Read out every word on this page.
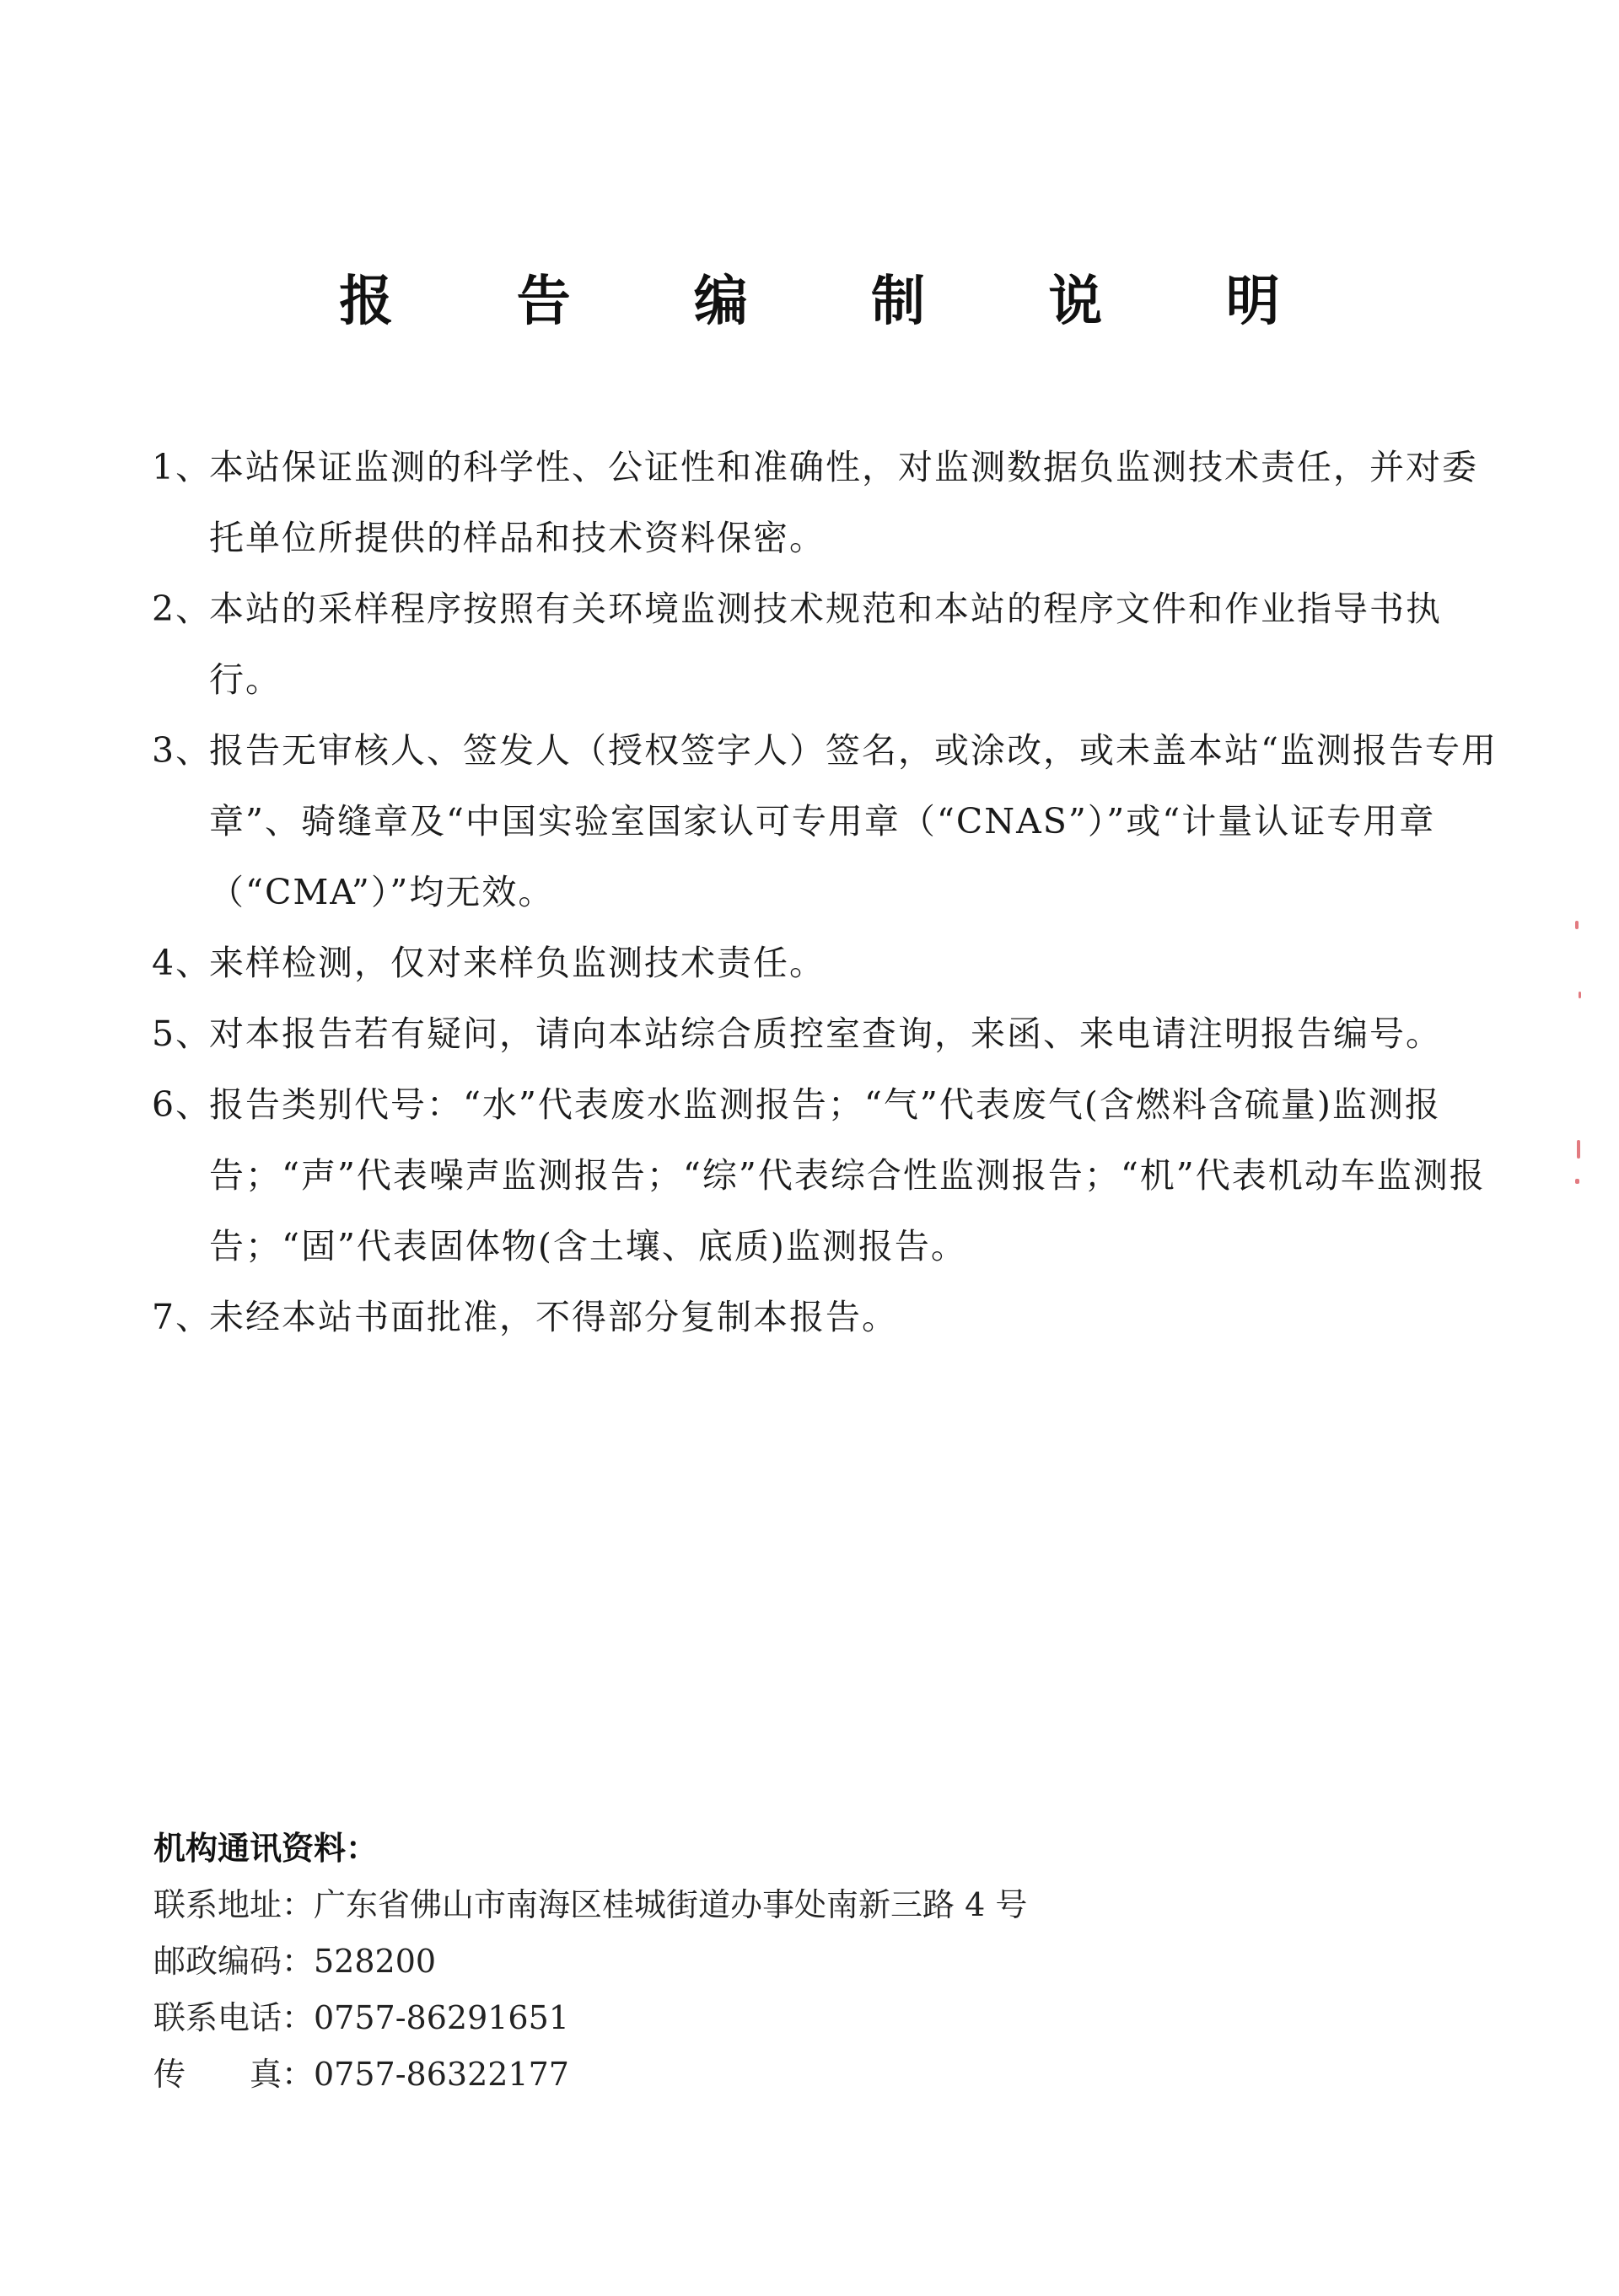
报 告 编 制 说 明
1、
本站保证监测的科学性、公证性和准确性，对监测数据负监测技术责任，并对委托单位所提供的样品和技术资料保密。
2、
本站的采样程序按照有关环境监测技术规范和本站的程序文件和作业指导书执行。
3、
报告无审核人、签发人（授权签字人）签名，或涂改，或未盖本站“监测报告专用章”、骑缝章及“中国实验室国家认可专用章（“CNAS”）”或“计量认证专用章（“CMA”）”均无效。
4、
来样检测，仅对来样负监测技术责任。
5、
对本报告若有疑问，请向本站综合质控室查询，来函、来电请注明报告编号。
6、
报告类别代号：“水”代表废水监测报告；“气”代表废气(含燃料含硫量)监测报告；“声”代表噪声监测报告；“综”代表综合性监测报告；“机”代表机动车监测报告；“固”代表固体物(含土壤、底质)监测报告。
7、
未经本站书面批准，不得部分复制本报告。
机构通讯资料：
联系地址：广东省佛山市南海区桂城街道办事处南新三路 4 号
邮政编码：528200
联系电话：0757-86291651
传　　真：0757-86322177
